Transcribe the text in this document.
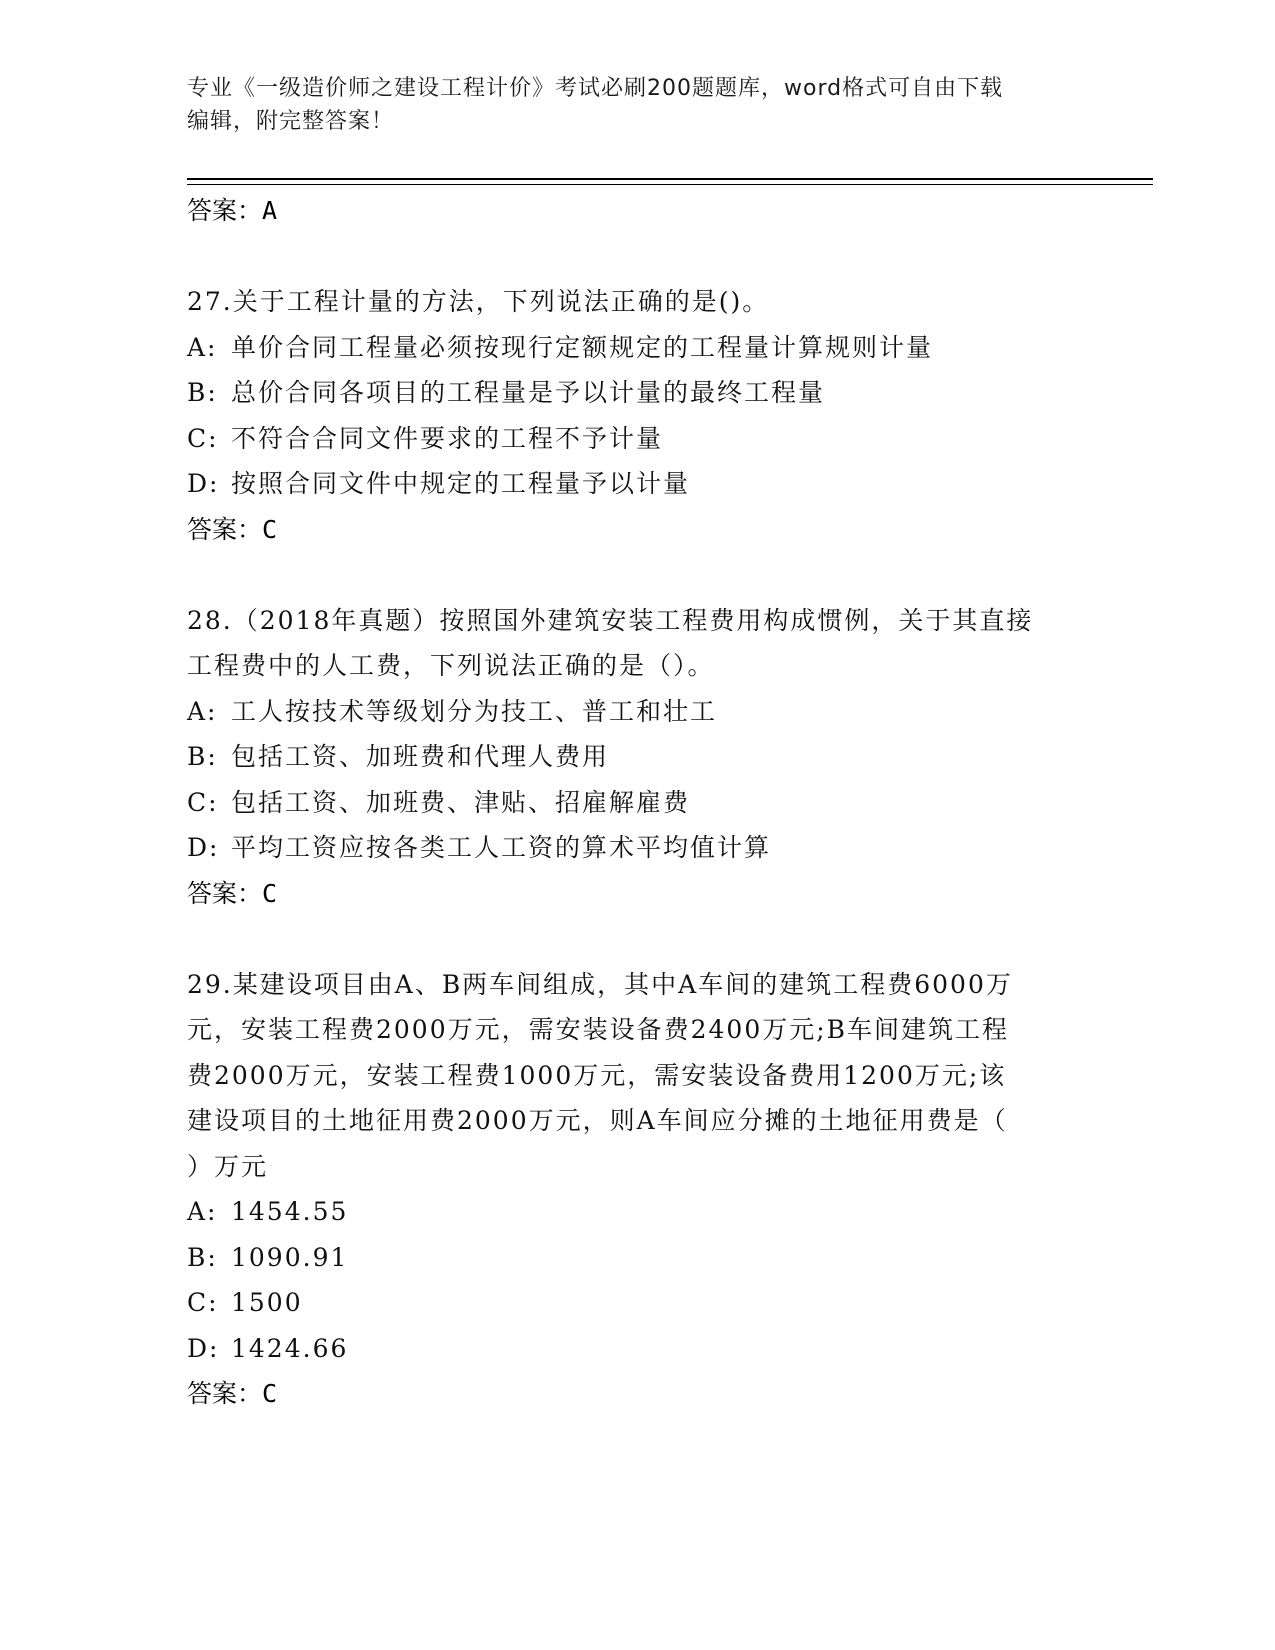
专业《一级造价师之建设工程计价》考试必刷200题题库，word格式可自由下载
编辑，附完整答案！

答案：A

27.关于工程计量的方法，下列说法正确的是()。

A: 单价合同工程量必须按现行定额规定的工程量计算规则计量

B: 总价合同各项目的工程量是予以计量的最终工程量

C: 不符合合同文件要求的工程不予计量

D: 按照合同文件中规定的工程量予以计量

答案：C

28.（2018年真题）按照国外建筑安装工程费用构成惯例，关于其直接

工程费中的人工费，下列说法正确的是（）。

A: 工人按技术等级划分为技工、普工和壮工

B: 包括工资、加班费和代理人费用

C: 包括工资、加班费、津贴、招雇解雇费

D: 平均工资应按各类工人工资的算术平均值计算

答案：C

29.某建设项目由A、B两车间组成，其中A车间的建筑工程费6000万

元，安装工程费2000万元，需安装设备费2400万元;B车间建筑工程

费2000万元，安装工程费1000万元，需安装设备费用1200万元;该

建设项目的土地征用费2000万元，则A车间应分摊的土地征用费是（

）万元

A: 1454.55

B: 1090.91

C: 1500

D: 1424.66

答案：C
